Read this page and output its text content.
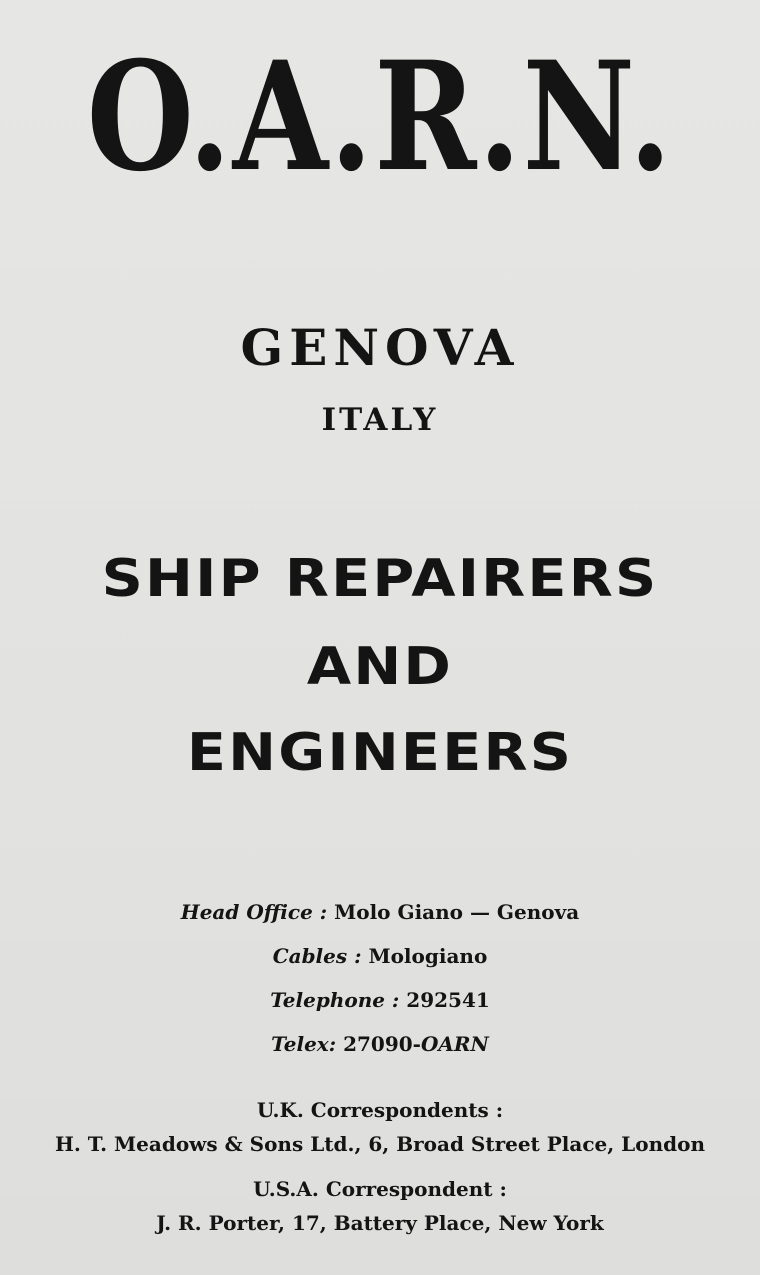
O.A.R.N.
GENOVA
ITALY
SHIP REPAIRERS
AND
ENGINEERS
Head Office : Molo Giano — Genova
Cables : Mologiano
Telephone : 292541
Telex: 27090-OARN
U.K. Correspondents :
H. T. Meadows & Sons Ltd., 6, Broad Street Place, London
U.S.A. Correspondent :
J. R. Porter, 17, Battery Place, New York
